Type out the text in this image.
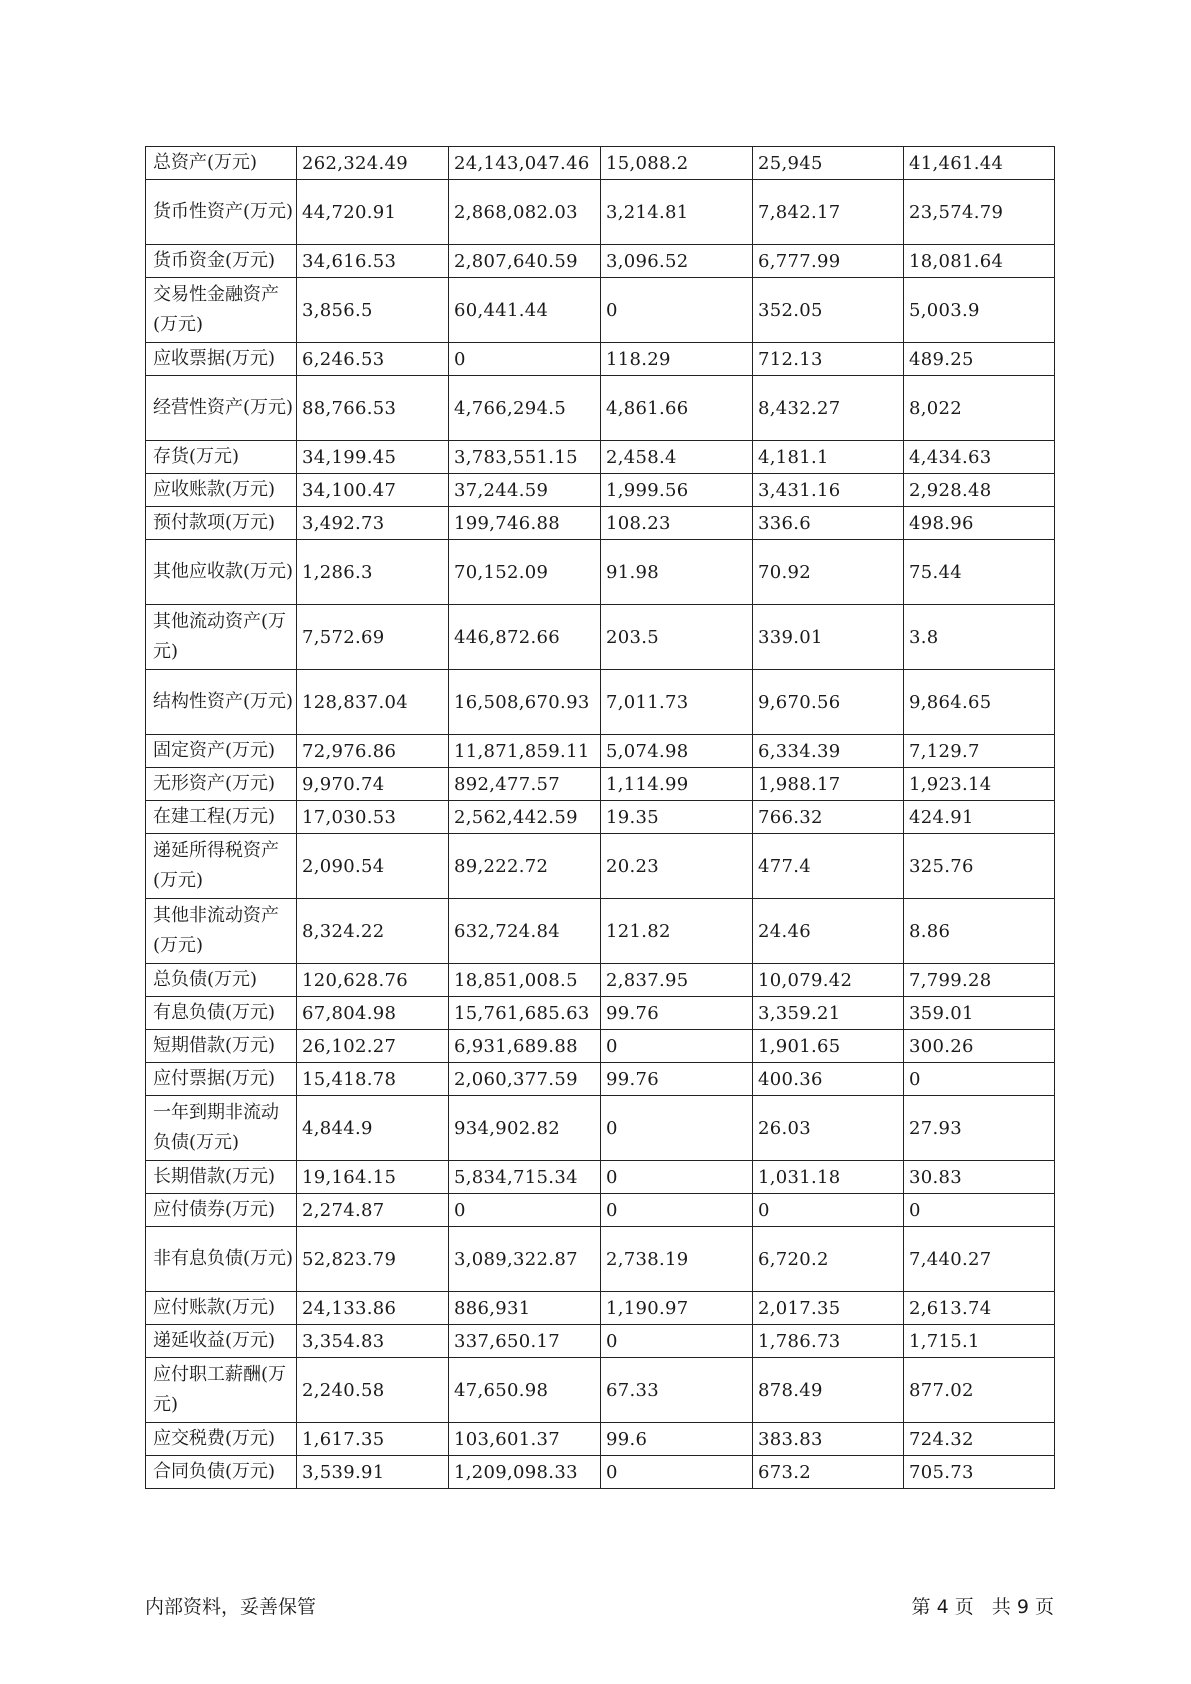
总资产(万元)	262,324.49	24,143,047.46	15,088.2	25,945	41,461.44

货币性资产(万元)	44,720.91	2,868,082.03	3,214.81	7,842.17	23,574.79

货币资金(万元)	34,616.53	2,807,640.59	3,096.52	6,777.99	18,081.64

交易性金融资产(万元)	3,856.5	60,441.44	0	352.05	5,003.9

应收票据(万元)	6,246.53	0	118.29	712.13	489.25

经营性资产(万元)	88,766.53	4,766,294.5	4,861.66	8,432.27	8,022

存货(万元)	34,199.45	3,783,551.15	2,458.4	4,181.1	4,434.63

应收账款(万元)	34,100.47	37,244.59	1,999.56	3,431.16	2,928.48

预付款项(万元)	3,492.73	199,746.88	108.23	336.6	498.96

其他应收款(万元)	1,286.3	70,152.09	91.98	70.92	75.44

其他流动资产(万元)	7,572.69	446,872.66	203.5	339.01	3.8

结构性资产(万元)	128,837.04	16,508,670.93	7,011.73	9,670.56	9,864.65

固定资产(万元)	72,976.86	11,871,859.11	5,074.98	6,334.39	7,129.7

无形资产(万元)	9,970.74	892,477.57	1,114.99	1,988.17	1,923.14

在建工程(万元)	17,030.53	2,562,442.59	19.35	766.32	424.91

递延所得税资产(万元)	2,090.54	89,222.72	20.23	477.4	325.76

其他非流动资产(万元)	8,324.22	632,724.84	121.82	24.46	8.86

总负债(万元)	120,628.76	18,851,008.5	2,837.95	10,079.42	7,799.28

有息负债(万元)	67,804.98	15,761,685.63	99.76	3,359.21	359.01

短期借款(万元)	26,102.27	6,931,689.88	0	1,901.65	300.26

应付票据(万元)	15,418.78	2,060,377.59	99.76	400.36	0

一年到期非流动负债(万元)	4,844.9	934,902.82	0	26.03	27.93

长期借款(万元)	19,164.15	5,834,715.34	0	1,031.18	30.83

应付债券(万元)	2,274.87	0	0	0	0

非有息负债(万元)	52,823.79	3,089,322.87	2,738.19	6,720.2	7,440.27

应付账款(万元)	24,133.86	886,931	1,190.97	2,017.35	2,613.74

递延收益(万元)	3,354.83	337,650.17	0	1,786.73	1,715.1

应付职工薪酬(万元)	2,240.58	47,650.98	67.33	878.49	877.02

应交税费(万元)	1,617.35	103,601.37	99.6	383.83	724.32

合同负债(万元)	3,539.91	1,209,098.33	0	673.2	705.73
内部资料，妥善保管	第 4 页   共 9 页
